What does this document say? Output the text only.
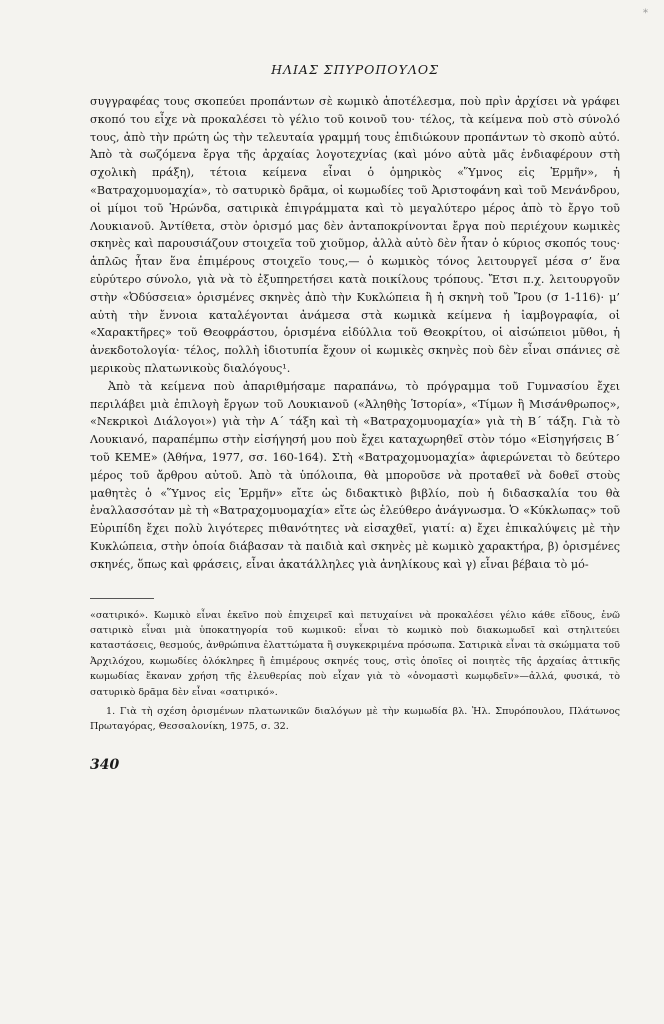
*
ΗΛΙΑΣ ΣΠΥΡΟΠΟΥΛΟΣ

συγγραφέας τους σκοπεύει προπάντων σὲ κωμικὸ ἀποτέλεσμα, ποὺ πρὶν ἀρχίσει νὰ γράφει σκοπό του εἶχε νὰ προκαλέσει τὸ γέλιο τοῦ κοινοῦ του· τέλος, τὰ κείμενα ποὺ στὸ σύνολό τους, ἀπὸ τὴν πρώτη ὡς τὴν τελευταία γραμμή τους ἐπιδιώκουν προπάντων τὸ σκοπὸ αὐτό. Ἀπὸ τὰ σωζόμενα ἔργα τῆς ἀρχαίας λογοτεχνίας (καὶ μόνο αὐτὰ μᾶς ἐνδιαφέρουν στὴ σχολικὴ πράξη), τέτοια κείμενα εἶναι ὁ ὁμηρικὸς «Ὕμνος εἰς Ἑρμῆν», ἡ «Βατραχομυομαχία», τὸ σατυρικὸ δρᾶμα, οἱ κωμωδίες τοῦ Ἀριστοφάνη καὶ τοῦ Μενάνδρου, οἱ μίμοι τοῦ Ἡρώνδα, σατιρικὰ ἐπιγράμματα καὶ τὸ μεγαλύτερο μέρος ἀπὸ τὸ ἔργο τοῦ Λουκιανοῦ. Ἀντίθετα, στὸν ὁρισμό μας δὲν ἀνταποκρίνονται ἔργα ποὺ περιέχουν κωμικὲς σκηνὲς καὶ παρουσιάζουν στοιχεῖα τοῦ χιοῦμορ, ἀλλὰ αὐτὸ δὲν ἦταν ὁ κύριος σκοπός τους· ἁπλῶς ἦταν ἕνα ἐπιμέρους στοιχεῖο τους,— ὁ κωμικὸς τόνος λειτουργεῖ μέσα σ’ ἕνα εὐρύτερο σύνολο, γιὰ νὰ τὸ ἐξυπηρετήσει κατὰ ποικίλους τρόπους. Ἔτσι π.χ. λειτουργοῦν στὴν «Ὀδύσσεια» ὁρισμένες σκηνὲς ἀπὸ τὴν Κυκλώπεια ἢ ἡ σκηνὴ τοῦ Ἴρου (σ 1-116)· μ’ αὐτὴ τὴν ἔννοια καταλέγονται ἀνάμεσα στὰ κωμικὰ κείμενα ἡ ἰαμβογραφία, οἱ «Χαρακτῆρες» τοῦ Θεοφράστου, ὁρισμένα εἰδύλλια τοῦ Θεοκρίτου, οἱ αἰσώπειοι μῦθοι, ἡ ἀνεκδοτολογία· τέλος, πολλὴ ἰδιοτυπία ἔχουν οἱ κωμικὲς σκηνὲς ποὺ δὲν εἶναι σπάνιες σὲ μερικοὺς πλατωνικοὺς διαλόγους¹.

Ἀπὸ τὰ κείμενα ποὺ ἀπαριθμήσαμε παραπάνω, τὸ πρόγραμμα τοῦ Γυμνασίου ἔχει περιλάβει μιὰ ἐπιλογὴ ἔργων τοῦ Λουκιανοῦ («Ἀληθὴς Ἱστορία», «Τίμων ἢ Μισάνθρωπος», «Νεκρικοὶ Διάλογοι») γιὰ τὴν Α΄ τάξη καὶ τὴ «Βατραχομυομαχία» γιὰ τὴ Β΄ τάξη. Γιὰ τὸ Λουκιανό, παραπέμπω στὴν εἰσήγησή μου ποὺ ἔχει καταχωρηθεῖ στὸν τόμο «Εἰσηγήσεις Β΄ τοῦ ΚΕΜΕ» (Ἀθήνα, 1977, σσ. 160-164). Στὴ «Βατραχομυομαχία» ἀφιερώνεται τὸ δεύτερο μέρος τοῦ ἄρθρου αὐτοῦ. Ἀπὸ τὰ ὑπόλοιπα, θὰ μποροῦσε νὰ προταθεῖ νὰ δοθεῖ στοὺς μαθητὲς ὁ «Ὕμνος εἰς Ἑρμῆν» εἴτε ὡς διδακτικὸ βιβλίο, ποὺ ἡ διδασκαλία του θὰ ἐναλλασσόταν μὲ τὴ «Βατραχομυομαχία» εἴτε ὡς ἐλεύθερο ἀνάγνωσμα. Ὁ «Κύκλωπας» τοῦ Εὐριπίδη ἔχει πολὺ λιγότερες πιθανότητες νὰ εἰσαχθεῖ, γιατί: α) ἔχει ἐπικαλύψεις μὲ τὴν Κυκλώπεια, στὴν ὁποία διάβασαν τὰ παιδιὰ καὶ σκηνὲς μὲ κωμικὸ χαρακτήρα, β) ὁρισμένες σκηνές, ὅπως καὶ φράσεις, εἶναι ἀκατάλληλες γιὰ ἀνηλίκους καὶ γ) εἶναι βέβαια τὸ μό-

«σατιρικό». Κωμικὸ εἶναι ἐκεῖνο ποὺ ἐπιχειρεῖ καὶ πετυχαίνει νὰ προκαλέσει γέλιο κάθε εἴδους, ἐνῶ σατιρικὸ εἶναι μιὰ ὑποκατηγορία τοῦ κωμικοῦ: εἶναι τὸ κωμικὸ ποὺ διακωμωδεῖ καὶ στηλιτεύει καταστάσεις, θεσμούς, ἀνθρώπινα ἐλαττώματα ἢ συγκεκριμένα πρόσωπα. Σατιρικὰ εἶναι τὰ σκώμματα τοῦ Ἀρχιλόχου, κωμωδίες ὁλόκληρες ἢ ἐπιμέρους σκηνές τους, στὶς ὁποῖες οἱ ποιητὲς τῆς ἀρχαίας ἀττικῆς κωμωδίας ἔκαναν χρήση τῆς ἐλευθερίας ποὺ εἶχαν γιὰ τὸ «ὀνομαστὶ κωμῳδεῖν»—ἀλλά, φυσικά, τὸ σατυρικὸ δρᾶμα δὲν εἶναι «σατιρικό».

1. Γιὰ τὴ σχέση ὁρισμένων πλατωνικῶν διαλόγων μὲ τὴν κωμωδία βλ. Ἠλ. Σπυρόπουλου, Πλάτωνος Πρωταγόρας, Θεσσαλονίκη, 1975, σ. 32.

340
